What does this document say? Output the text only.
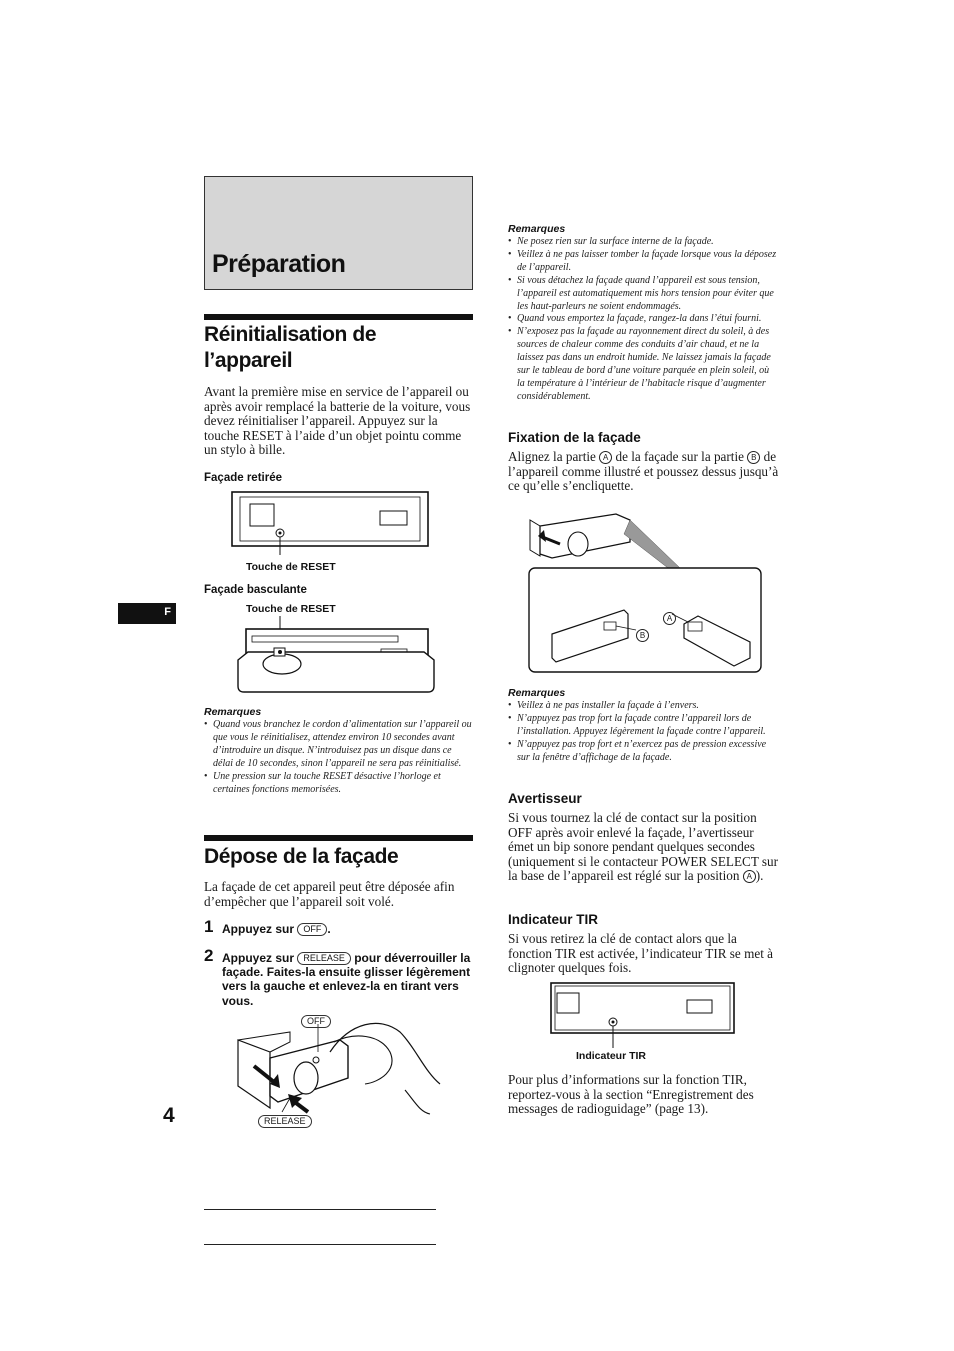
Préparation
F
Réinitialisation de
l’appareil
Avant la première mise en service de l’appareil ou après avoir remplacé la batterie de la voiture, vous devez réinitialiser l’appareil. Appuyez sur la touche RESET à l’aide d’un objet pointu comme un stylo à bille.
Façade retirée
Touche de RESET
Façade basculante
Touche de RESET
Remarques
• Quand vous branchez le cordon d’alimentation sur l’appareil ou que vous le réinitialisez, attendez environ 10 secondes avant d’introduire un disque. N’introduisez pas un disque dans ce délai de 10 secondes, sinon l’appareil ne sera pas réinitialisé.
• Une pression sur la touche RESET désactive l’horloge et certaines fonctions memorisées.
Dépose de la façade
La façade de cet appareil peut être déposée afin d’empêcher que l’appareil soit volé.
1 Appuyez sur OFF .
2 Appuyez sur RELEASE pour déverrouiller la façade. Faites-la ensuite glisser légèrement vers la gauche et enlevez-la en tirant vers vous.
OFF
RELEASE
4
Remarques
• Ne posez rien sur la surface interne de la façade.
• Veillez à ne pas laisser tomber la façade lorsque vous la déposez de l’appareil.
• Si vous détachez la façade quand l’appareil est sous tension, l’appareil est automatiquement mis hors tension pour éviter que les haut-parleurs ne soient endommagés.
• Quand vous emportez la façade, rangez-la dans l’étui fourni.
• N’exposez pas la façade au rayonnement direct du soleil, à des sources de chaleur comme des conduits d’air chaud, et ne la laissez pas dans un endroit humide. Ne laissez jamais la façade sur le tableau de bord d’une voiture parquée en plein soleil, où la température à l’intérieur de l’habitacle risque d’augmenter considérablement.
Fixation de la façade
Alignez la partie A de la façade sur la partie B de l’appareil comme illustré et poussez dessus jusqu’à ce qu’elle s’encliquette.
A
B
Remarques
• Veillez à ne pas installer la façade à l’envers.
• N’appuyez pas trop fort la façade contre l’appareil lors de l’installation. Appuyez légèrement la façade contre l’appareil.
• N’appuyez pas trop fort et n’exercez pas de pression excessive sur la fenêtre d’affichage de la façade.
Avertisseur
Si vous tournez la clé de contact sur la position OFF après avoir enlevé la façade, l’avertisseur émet un bip sonore pendant quelques secondes (uniquement si le contacteur POWER SELECT sur la base de l’appareil est réglé sur la position A ).
Indicateur TIR
Si vous retirez la clé de contact alors que la fonction TIR est activée, l’indicateur TIR se met à clignoter quelques fois.
Indicateur TIR
Pour plus d’informations sur la fonction TIR, reportez-vous à la section “Enregistrement des messages de radioguidage” (page 13).
